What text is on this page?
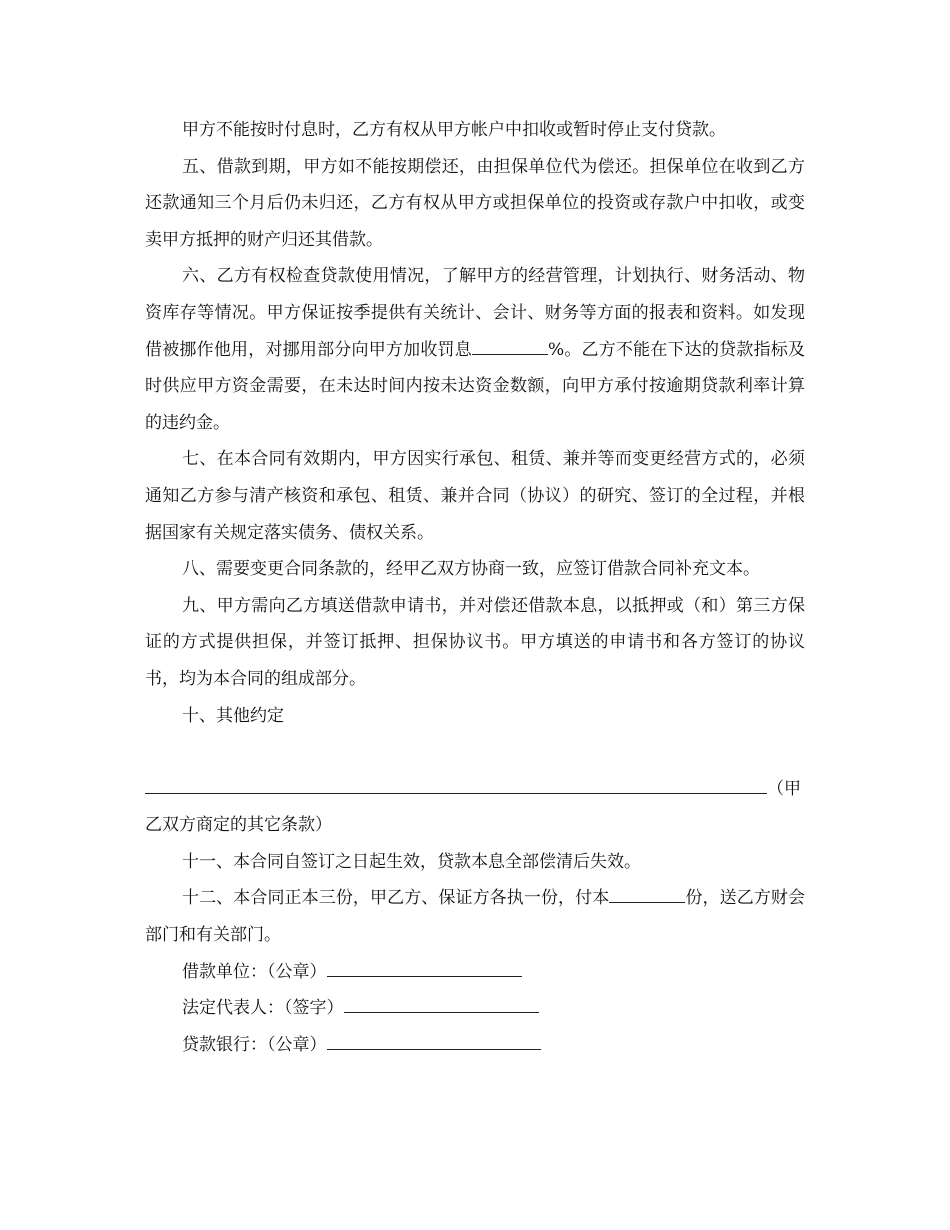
甲方不能按时付息时，乙方有权从甲方帐户中扣收或暂时停止支付贷款。

五、借款到期，甲方如不能按期偿还，由担保单位代为偿还。担保单位在收到乙方还款通知三个月后仍未归还，乙方有权从甲方或担保单位的投资或存款户中扣收，或变卖甲方抵押的财产归还其借款。

六、乙方有权检查贷款使用情况，了解甲方的经营管理，计划执行、财务活动、物资库存等情况。甲方保证按季提供有关统计、会计、财务等方面的报表和资料。如发现借被挪作他用，对挪用部分向甲方加收罚息	%。乙方不能在下达的贷款指标及时供应甲方资金需要，在未达时间内按未达资金数额，向甲方承付按逾期贷款利率计算的违约金。

七、在本合同有效期内，甲方因实行承包、租赁、兼并等而变更经营方式的，必须通知乙方参与清产核资和承包、租赁、兼并合同（协议）的研究、签订的全过程，并根据国家有关规定落实债务、债权关系。

八、需要变更合同条款的，经甲乙双方协商一致，应签订借款合同补充文本。

九、甲方需向乙方填送借款申请书，并对偿还借款本息，以抵押或（和）第三方保证的方式提供担保，并签订抵押、担保协议书。甲方填送的申请书和各方签订的协议书，均为本合同的组成部分。

十、其他约定

（甲

乙双方商定的其它条款）

十一、本合同自签订之日起生效，贷款本息全部偿清后失效。

十二、本合同正本三份，甲乙方、保证方各执一份，付本	份，送乙方财会部门和有关部门。

借款单位：（公章）

法定代表人：（签字）

贷款银行：（公章）
